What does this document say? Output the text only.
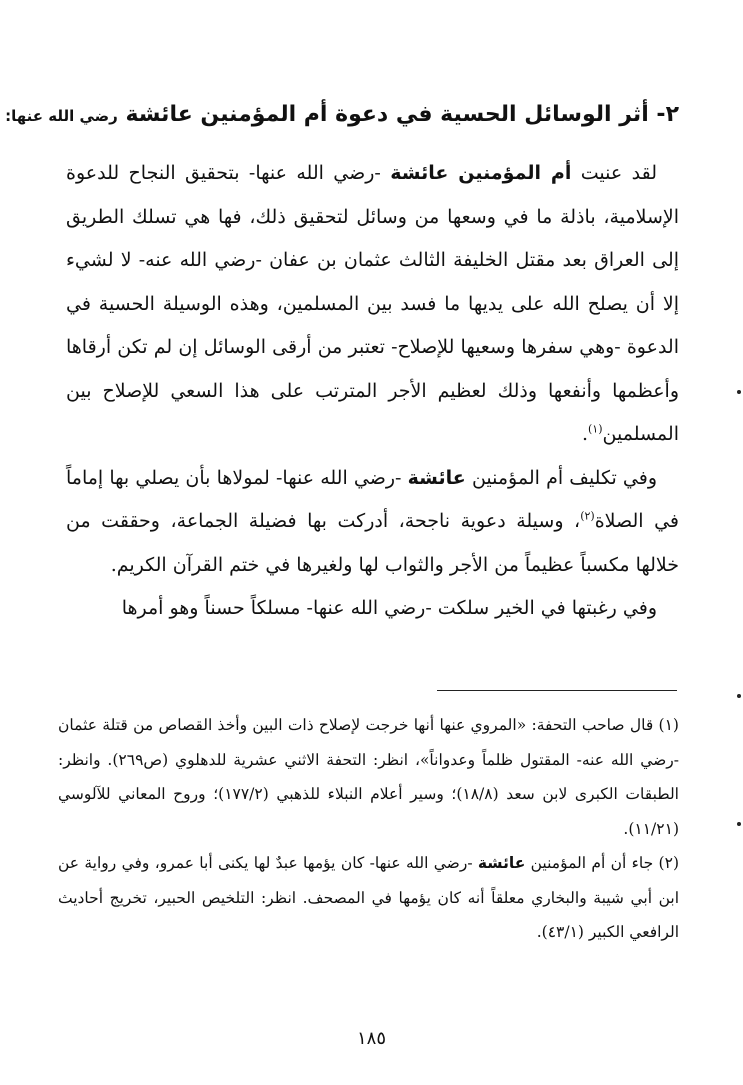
٢- أثر الوسائل الحسية في دعوة أم المؤمنين عائشة رضي الله عنها:

لقد عنيت أم المؤمنين عائشة -رضي الله عنها- بتحقيق النجاح للدعوة الإسلامية، باذلة ما في وسعها من وسائل لتحقيق ذلك، فها هي تسلك الطريق إلى العراق بعد مقتل الخليفة الثالث عثمان بن عفان -رضي الله عنه- لا لشيء إلا أن يصلح الله على يديها ما فسد بين المسلمين، وهذه الوسيلة الحسية في الدعوة -وهي سفرها وسعيها للإصلاح- تعتبر من أرقى الوسائل إن لم تكن أرقاها وأعظمها وأنفعها وذلك لعظيم الأجر المترتب على هذا السعي للإصلاح بين المسلمين$^{(١)}$.

وفي تكليف أم المؤمنين عائشة -رضي الله عنها- لمولاها بأن يصلي بها إماماً في الصلاة$^{(٢)}$، وسيلة دعوية ناجحة، أدركت بها فضيلة الجماعة، وحققت من خلالها مكسباً عظيماً من الأجر والثواب لها ولغيرها في ختم القرآن الكريم.

وفي رغبتها في الخير سلكت -رضي الله عنها- مسلكاً حسناً وهو أمرها

(١) قال صاحب التحفة: «المروي عنها أنها خرجت لإصلاح ذات البين وأخذ القصاص من قتلة عثمان -رضي الله عنه- المقتول ظلماً وعدواناً»، انظر: التحفة الاثني عشرية للدهلوي (ص٢٦٩). وانظر: الطبقات الكبرى لابن سعد (١٨/٨)؛ وسير أعلام النبلاء للذهبي (١٧٧/٢)؛ وروح المعاني للآلوسي (١١/٢١).

(٢) جاء أن أم المؤمنين عائشة -رضي الله عنها- كان يؤمها عبدٌ لها يكنى أبا عمرو، وفي رواية عن ابن أبي شيبة والبخاري معلقاً أنه كان يؤمها في المصحف. انظر: التلخيص الحبير، تخريج أحاديث الرافعي الكبير (٤٣/١).

١٨٥
